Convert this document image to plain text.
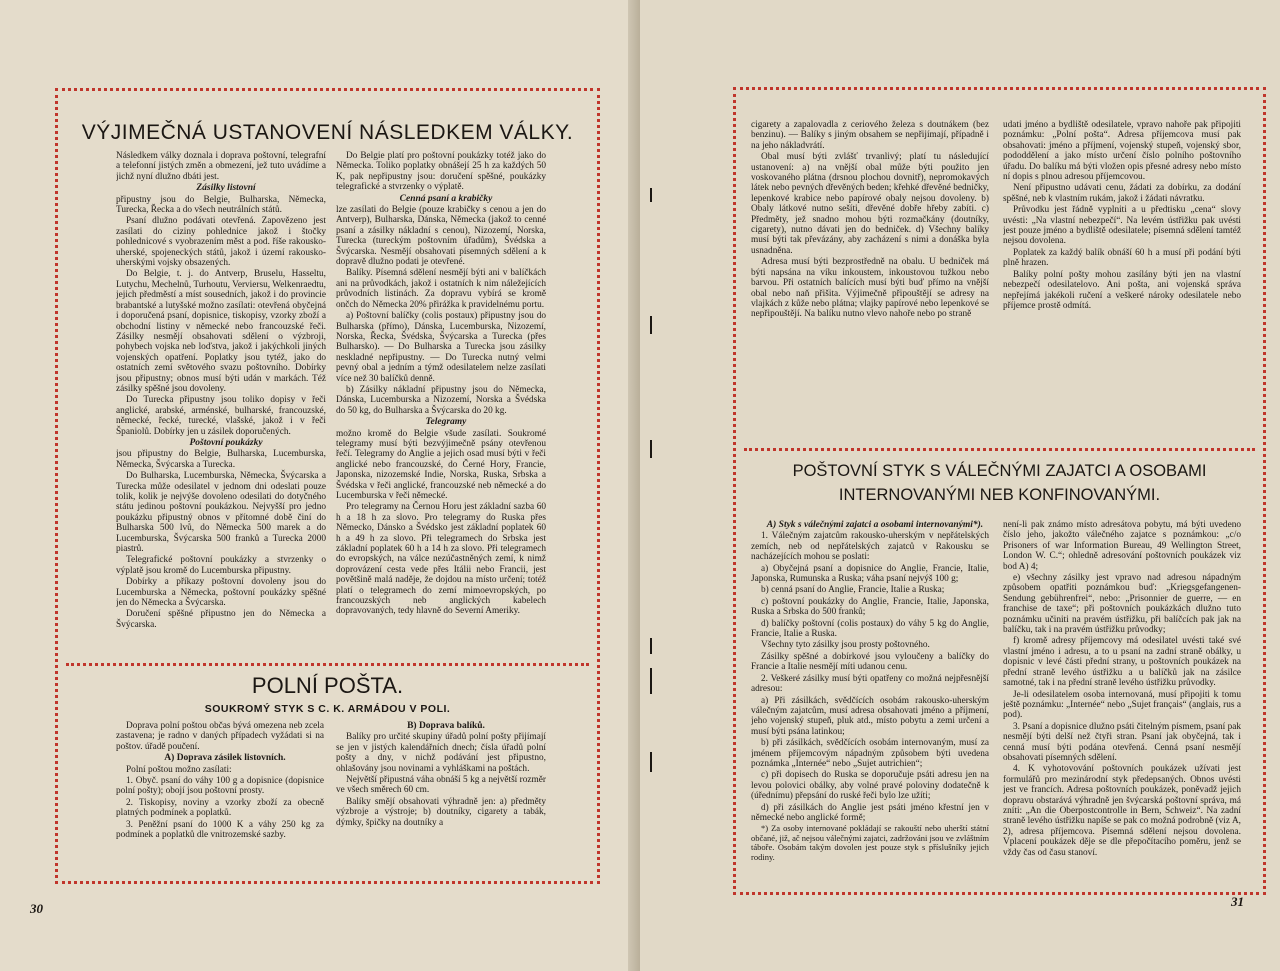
VÝJIMEČNÁ USTANOVENÍ NÁSLEDKEM VÁLKY.

Následkem války doznala i doprava poštovní, telegrafní a telefonní jistých změn a obmezení, jež tuto uvádíme a jichž nyní dlužno dbáti jest.

Zásilky listovní

připustny jsou do Belgie, Bulharska, Německa, Turecka, Řecka a do všech neutrálních států.

Psaní dlužno podávati otevřená. Zapovězeno jest zasílati do ciziny pohlednice jakož i štočky pohlednicové s vyobrazením měst a pod. říše rakousko-uherské, spojeneckých států, jakož i území rakousko-uherskými vojsky obsazených.

Do Belgie, t. j. do Antverp, Bruselu, Hasseltu, Lutychu, Mechelnů, Turhoutu, Verviersu, Welkenraedtu, jejich předměstí a míst sousedních, jakož i do provincie brabantské a lutyšské možno zasílati: otevřená obyčejná i doporučená psaní, dopisnice, tiskopisy, vzorky zboží a obchodní listiny v německé nebo francouzské řeči. Zásilky nesmějí obsahovati sdělení o výzbroji, pohybech vojska neb loďstva, jakož i jakýchkoli jiných vojenských opatření. Poplatky jsou tytéž, jako do ostatních zemí světového svazu poštovního. Dobírky jsou připustny; obnos musí býti udán v markách. Též zásilky spěšné jsou dovoleny.

Do Turecka připustny jsou toliko dopisy v řeči anglické, arabské, arménské, bulharské, francouzské, německé, řecké, turecké, vlašské, jakož i v řeči Španiolů. Dobírky jen u zásilek doporučených.

Poštovní poukázky

jsou připustny do Belgie, Bulharska, Lucemburska, Německa, Švýcarska a Turecka.

Do Bulharska, Lucemburska, Německa, Švýcarska a Turecka může odesilatel v jednom dni odeslati pouze tolik, kolik je nejvýše dovoleno odesilati do dotyčného státu jedinou poštovní poukázkou. Nejvyšší pro jedno poukázku připustný obnos v přítomné době činí do Bulharska 500 lvů, do Německa 500 marek a do Lucemburska, Švýcarska 500 franků a Turecka 2000 piastrů.

Telegrafické poštovní poukázky a stvrzenky o výplatě jsou kromě do Lucemburska připustny.

Dobírky a příkazy poštovní dovoleny jsou do Lucemburska a Německa, poštovní poukázky spěšné jen do Německa a Švýcarska.

Doručení spěšné připustno jen do Německa a Švýcarska.

Do Belgie platí pro poštovní poukázky totéž jako do Německa. Toliko poplatky obnášejí 25 h za každých 50 K, pak nepřipustny jsou: doručení spěšné, poukázky telegrafické a stvrzenky o výplatě.

Cenná psaní a krabičky

lze zasílati do Belgie (pouze krabičky s cenou a jen do Antverp), Bulharska, Dánska, Německa (jakož to cenné psaní a zásilky nákladní s cenou), Nizozemí, Norska, Turecka (tureckým poštovním úřadům), Švédska a Švýcarska. Nesmějí obsahovati písemných sdělení a k dopravě dlužno podati je otevřené.

Balíky. Písemná sdělení nesmějí býti ani v balíčkách ani na průvodkách, jakož i ostatních k nim náležejících průvodních listinách. Za dopravu vybírá se kromě ončch do Německa 20% přirážka k pravidelnému portu.

a) Poštovní balíčky (colis postaux) připustny jsou do Bulharska (přímo), Dánska, Lucemburska, Nizozemí, Norska, Řecka, Švédska, Švýcarska a Turecka (přes Bulharsko). — Do Bulharska a Turecka jsou zásilky neskladné nepřipustny. — Do Turecka nutný velmi pevný obal a jedním a týmž odesilatelem nelze zasílati více než 30 balíčků denně.

b) Zásilky nákladní připustny jsou do Německa, Dánska, Lucemburska a Nizozemí, Norska a Švédska do 50 kg, do Bulharska a Švýcarska do 20 kg.

Telegramy

možno kromě do Belgie všude zasílati. Soukromé telegramy musí býti bezvýjimečně psány otevřenou řečí. Telegramy do Anglie a jejich osad musí býti v řeči anglické nebo francouzské, do Černé Hory, Francie, Japonska, nizozemské Indie, Norska, Ruska, Srbska a Švédska v řeči anglické, francouzské neb německé a do Lucemburska v řeči německé.

Pro telegramy na Černou Horu jest základní sazba 60 h a 18 h za slovo. Pro telegramy do Ruska přes Německo, Dánsko a Švédsko jest základní poplatek 60 h a 49 h za slovo. Při telegramech do Srbska jest základní poplatek 60 h a 14 h za slovo. Při telegramech do evropských, na válce nezúčastněných zemí, k nimž doprovázení cesta vede přes Itálii nebo Francii, jest povětšině malá naděje, že dojdou na místo určení; totéž platí o telegramech do zemí mimoevropských, po francouzských neb anglických kabelech dopravovaných, tedy hlavně do Severní Ameriky.

POLNÍ POŠTA.
SOUKROMÝ STYK S C. K. ARMÁDOU V POLI.

Doprava polní poštou občas bývá omezena neb zcela zastavena; je radno v daných případech vyžádati si na poštov. úřadě poučení.

A) Doprava zásilek listovních.

Polní poštou možno zasílati:

1. Obyč. psaní do váhy 100 g a dopisnice (dopisnice polní pošty); obojí jsou poštovní prosty.

2. Tiskopisy, noviny a vzorky zboží za obecně platných podmínek a poplatků.

3. Peněžní psaní do 1000 K a váhy 250 kg za podmínek a poplatků dle vnitrozemské sazby.

B) Doprava balíků.

Balíky pro určité skupiny úřadů polní pošty přijímají se jen v jistých kalendářních dnech; čísla úřadů polní pošty a dny, v nichž podávání jest připustno, ohlašovány jsou novinami a vyhláškami na poštách.

Největší připustná váha obnáší 5 kg a největší rozměr ve všech směrech 60 cm.

Balíky smějí obsahovati výhradně jen: a) předměty výzbroje a výstroje; b) doutníky, cigarety a tabák, dýmky, špičky na doutníky a

30

cigarety a zapalovadla z ceriového železa s doutnákem (bez benzinu). — Balíky s jiným obsahem se nepřijímají, případně i na jeho nákladvrátí.

Obal musí býti zvlášť trvanlivý; platí tu následující ustanovení: a) na vnější obal může býti použito jen voskovaného plátna (drsnou plochou dovnitř), nepromokavých látek nebo pevných dřevěných beden; křehké dřevěné bedničky, lepenkové krabice nebo papírové obaly nejsou dovoleny. b) Obaly látkové nutno sešíti, dřevěné dobře hřeby zabíti. c) Předměty, jež snadno mohou býti rozmačkány (doutníky, cigarety), nutno dávati jen do bedniček. d) Všechny balíky musí býti tak převázány, aby zacházení s nimi a donáška byla usnadněna.

Adresa musí býti bezprostředně na obalu. U bedniček má býti napsána na víku inkoustem, inkoustovou tužkou nebo barvou. Při ostatních balících musí býti buď přímo na vnější obal nebo naň přišita. Výjimečně připouštějí se adresy na vlajkách z kůže nebo plátna; vlajky papírové nebo lepenkové se nepřipouštějí. Na balíku nutno vlevo nahoře nebo po straně

udati jméno a bydliště odesilatele, vpravo nahoře pak připojiti poznámku: „Polní pošta“. Adresa příjemcova musí pak obsahovati: jméno a příjmení, vojenský stupeň, vojenský sbor, pododdělení a jako místo určení číslo polního poštovního úřadu. Do balíku má býti vložen opis přesné adresy nebo místo ní dopis s plnou adresou příjemcovou.

Není připustno udávati cenu, žádati za dobírku, za dodání spěšné, neb k vlastním rukám, jakož i žádati návratku.

Průvodku jest řádně vyplniti a u předtisku „cena“ slovy uvésti: „Na vlastní nebezpečí“. Na levém ústřižku pak uvésti jest pouze jméno a bydliště odesilatele; písemná sdělení tamtéž nejsou dovolena.

Poplatek za každý balík obnáší 60 h a musí při podání býti plně hrazen.

Balíky polní pošty mohou zasílány býti jen na vlastní nebezpečí odesilatelovo. Ani pošta, ani vojenská správa nepřejímá jakékoli ručení a veškeré nároky odesilatele nebo příjemce prostě odmítá.

POŠTOVNÍ STYK S VÁLEČNÝMI ZAJATCI A OSOBAMI
INTERNOVANÝMI NEB KONFINOVANÝMI.

A) Styk s válečnými zajatci a osobami internovanými*).

1. Válečným zajatcům rakousko-uherským v nepřátelských zemích, neb od nepřátelských zajatců v Rakousku se nacházejících mohou se poslati:

a) Obyčejná psaní a dopisnice do Anglie, Francie, Italie, Japonska, Rumunska a Ruska; váha psaní nejvýš 100 g;

b) cenná psaní do Anglie, Francie, Italie a Ruska;

c) poštovní poukázky do Anglie, Francie, Italie, Japonska, Ruska a Srbska do 500 franků;

d) balíčky poštovní (colis postaux) do váhy 5 kg do Anglie, Francie, Italie a Ruska.

Všechny tyto zásilky jsou prosty poštovného.

Zásilky spěšné a dobírkové jsou vyloučeny a balíčky do Francie a Italie nesmějí míti udanou cenu.

2. Veškeré zásilky musí býti opatřeny co možná nejpřesnější adresou:

a) Při zásilkách, svědčících osobám rakousko-uherským válečným zajatcům, musí adresa obsahovati jméno a příjmení, jeho vojenský stupeň, pluk atd., místo pobytu a zemi určení a musí býti psána latinkou;

b) při zásilkách, svědčících osobám internovaným, musí za jménem příjemcovým nápadným způsobem býti uvedena poznámka „Internée“ nebo „Sujet autrichien“;

c) při dopisech do Ruska se doporučuje psáti adresu jen na levou polovici obálky, aby volné pravé poloviny dodatečně k (úřednímu) přepsání do ruské řeči bylo lze užíti;

d) při zásilkách do Anglie jest psáti jméno křestní jen v německé nebo anglické formě;

*) Za osoby internované pokládají se rakouští nebo uherští státní občané, již, ač nejsou válečnými zajatci, zadržováni jsou ve zvláštním táboře. Osobám takým dovolen jest pouze styk s příslušníky jejich rodiny.

není-li pak známo místo adresátova pobytu, má býti uvedeno číslo jeho, jakožto válečného zajatce s poznámkou: „c/o Prisoners of war Information Bureau, 49 Wellington Street, London W. C.“; ohledně adresování poštovních poukázek viz bod A) 4;

e) všechny zásilky jest vpravo nad adresou nápadným způsobem opatřiti poznámkou buď: „Kriegsgefangenen-Sendung gebührenfrei“, nebo: „Prisonnier de guerre, — en franchise de taxe“; při poštovních poukázkách dlužno tuto poznámku učiniti na pravém ústřižku, při balíčcích pak jak na balíčku, tak i na pravém ústřižku průvodky;

f) kromě adresy příjemcovy má odesilatel uvésti také své vlastní jméno i adresu, a to u psaní na zadní straně obálky, u dopisnic v levé části přední strany, u poštovních poukázek na přední straně levého ústřižku a u balíčků jak na zásilce samotné, tak i na přední straně levého ústřižku průvodky.

Je-li odesilatelem osoba internovaná, musí připojiti k tomu ještě poznámku: „Internée“ nebo „Sujet français“ (anglais, rus a pod).

3. Psaní a dopisnice dlužno psáti čitelným písmem, psaní pak nesmějí býti delší než čtyři stran. Psaní jak obyčejná, tak i cenná musí býti podána otevřená. Cenná psaní nesmějí obsahovati písemných sdělení.

4. K vyhotovování poštovních poukázek užívati jest formulářů pro mezinárodní styk předepsaných. Obnos uvésti jest ve francích. Adresa poštovních poukázek, poněvadž jejich dopravu obstarává výhradně jen švýcarská poštovní správa, má zníti: „An die Oberpostcontrolle in Bern, Schweiz“. Na zadní straně levého ústřižku napíše se pak co možná podrobně (viz A, 2), adresa příjemcova. Písemná sdělení nejsou dovolena. Vplacení poukázek děje se dle přepočítacího poměru, jenž se vždy čas od času stanoví.

31
